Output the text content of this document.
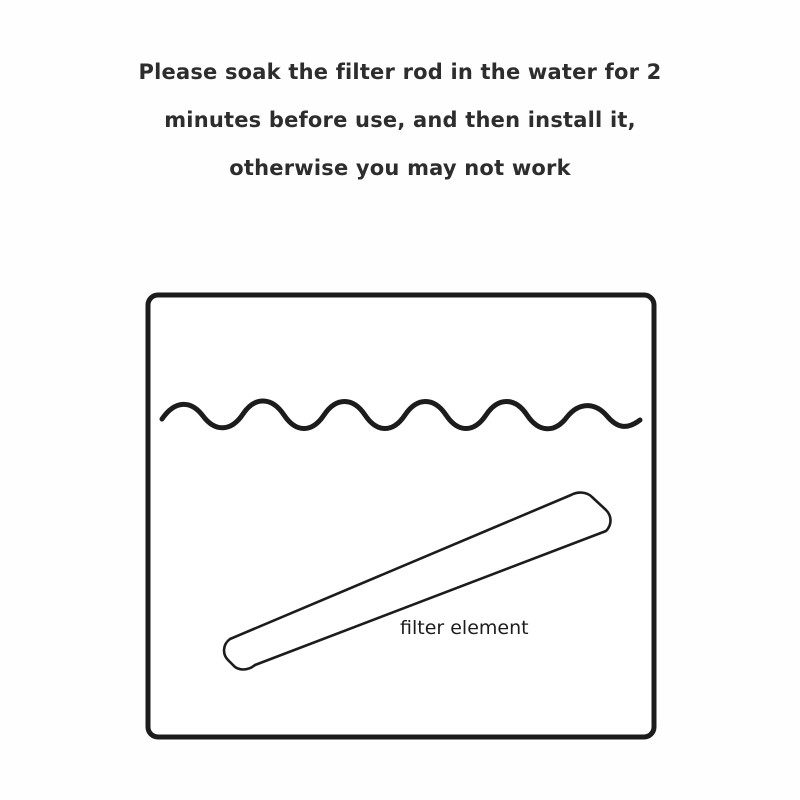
Please soak the filter rod in the water for 2
minutes before use, and then install it,
otherwise you may not work
filter element
